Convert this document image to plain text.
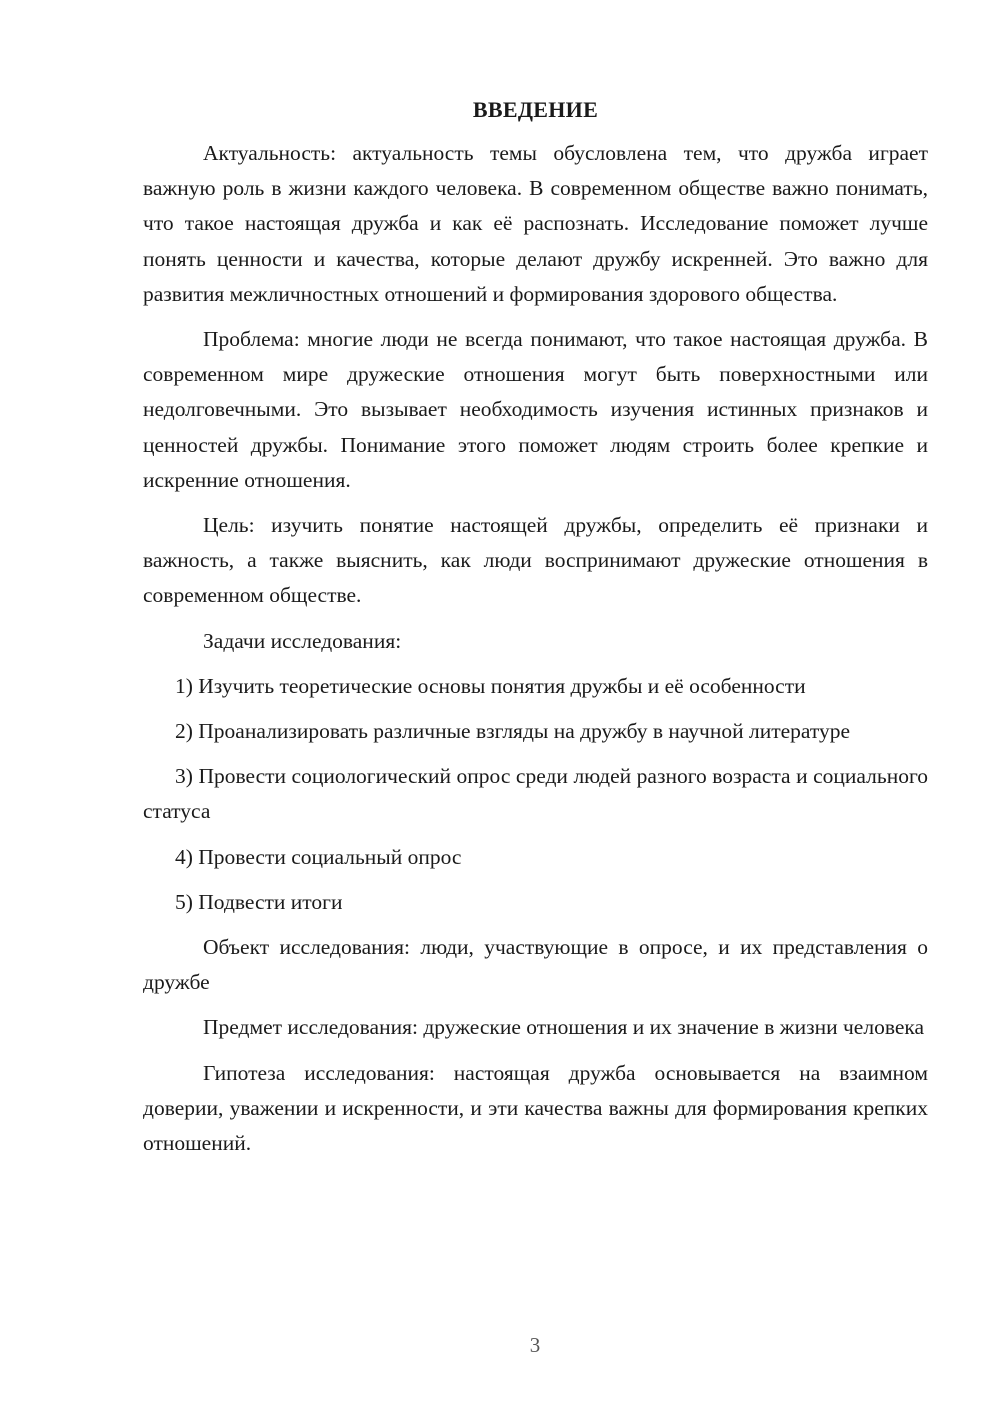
ВВЕДЕНИЕ

Актуальность: актуальность темы обусловлена тем, что дружба играет важную роль в жизни каждого человека. В современном обществе важно понимать, что такое настоящая дружба и как её распознать. Исследование поможет лучше понять ценности и качества, которые делают дружбу искренней. Это важно для развития межличностных отношений и формирования здорового общества.

Проблема: многие люди не всегда понимают, что такое настоящая дружба. В современном мире дружеские отношения могут быть поверхностными или недолговечными. Это вызывает необходимость изучения истинных признаков и ценностей дружбы. Понимание этого поможет людям строить более крепкие и искренние отношения.

Цель: изучить понятие настоящей дружбы, определить её признаки и важность, а также выяснить, как люди воспринимают дружеские отношения в современном обществе.

Задачи исследования:

1) Изучить теоретические основы понятия дружбы и её особенности

2) Проанализировать различные взгляды на дружбу в научной литературе

3) Провести социологический опрос среди людей разного возраста и социального статуса

4) Провести социальный опрос

5) Подвести итоги

Объект исследования: люди, участвующие в опросе, и их представления о дружбе

Предмет исследования: дружеские отношения и их значение в жизни человека

Гипотеза исследования: настоящая дружба основывается на взаимном доверии, уважении и искренности, и эти качества важны для формирования крепких отношений.

3
